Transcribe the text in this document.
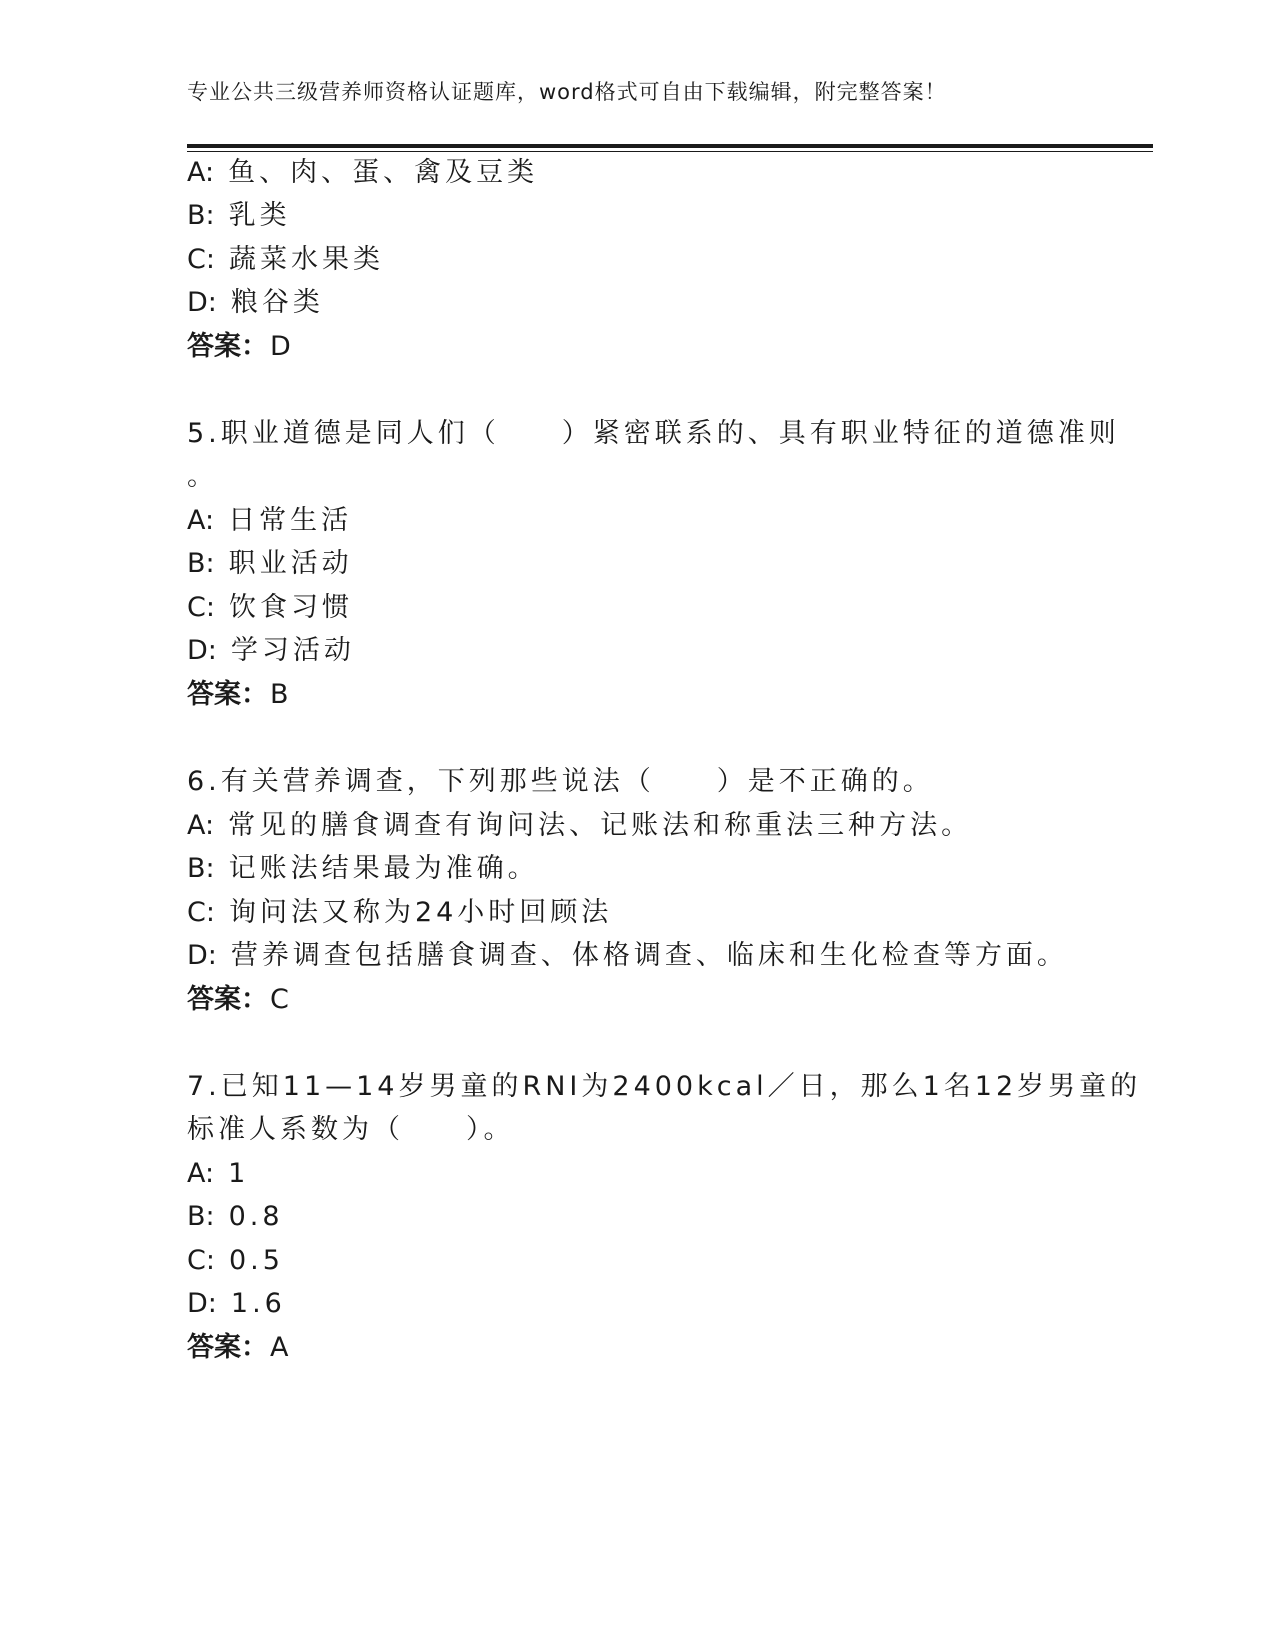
专业公共三级营养师资格认证题库，word格式可自由下载编辑，附完整答案！
A: 鱼、肉、蛋、禽及豆类
B: 乳类
C: 蔬菜水果类
D: 粮谷类
答案：D
5.职业道德是同人们（　　）紧密联系的、具有职业特征的道德准则
。
A: 日常生活
B: 职业活动
C: 饮食习惯
D: 学习活动
答案：B
6.有关营养调查，下列那些说法（　　）是不正确的。
A: 常见的膳食调查有询问法、记账法和称重法三种方法。
B: 记账法结果最为准确。
C: 询问法又称为24小时回顾法
D: 营养调查包括膳食调查、体格调查、临床和生化检查等方面。
答案：C
7.已知11—14岁男童的RNI为2400kcal／日，那么1名12岁男童的
标准人系数为（　　）。
A: 1
B: 0.8
C: 0.5
D: 1.6
答案：A
